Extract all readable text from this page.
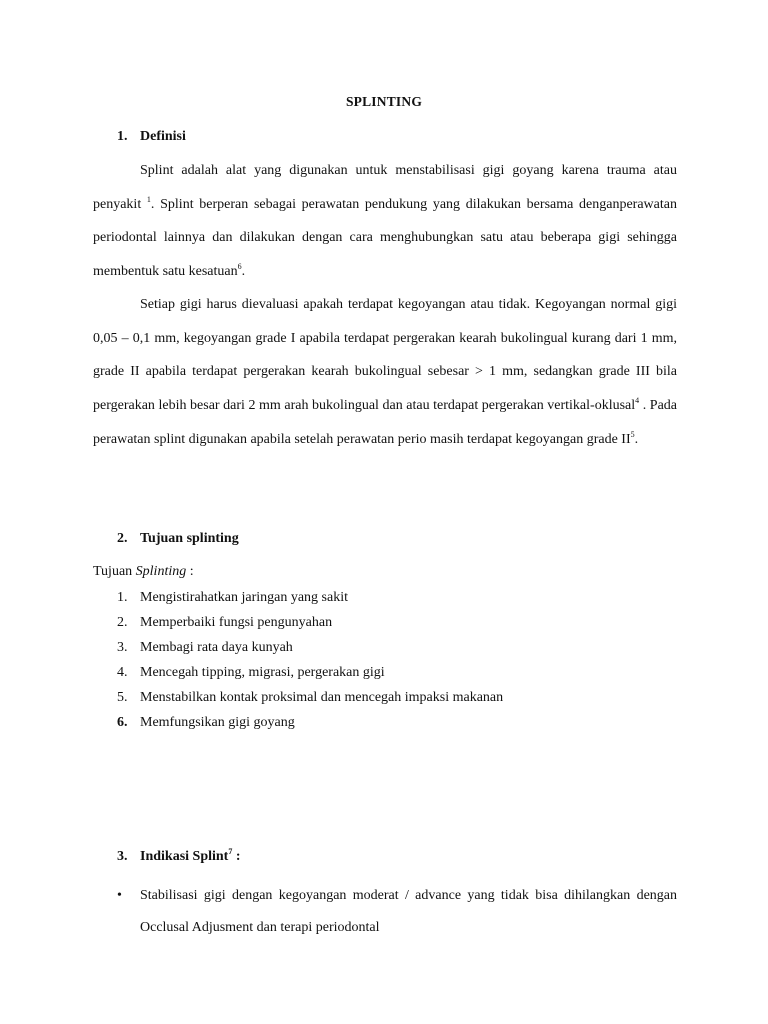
SPLINTING
1. Definisi

Splint adalah alat yang digunakan untuk menstabilisasi gigi goyang karena trauma atau penyakit $^1$. Splint berperan sebagai perawatan pendukung yang dilakukan bersama denganperawatan periodontal lainnya dan dilakukan dengan cara menghubungkan satu atau beberapa gigi sehingga membentuk satu kesatuan$^6$.

Setiap gigi harus dievaluasi apakah terdapat kegoyangan atau tidak. Kegoyangan normal gigi 0,05 – 0,1 mm, kegoyangan grade I apabila terdapat pergerakan kearah bukolingual kurang dari 1 mm, grade II apabila terdapat pergerakan kearah bukolingual sebesar > 1 mm, sedangkan grade III bila pergerakan lebih besar dari 2 mm arah bukolingual dan atau terdapat pergerakan vertikal-oklusal$^4$ . Pada perawatan splint digunakan apabila setelah perawatan perio masih terdapat kegoyangan grade $II^5$.

2. Tujuan splinting
Tujuan Splinting :
1. Mengistirahatkan jaringan yang sakit
2. Memperbaiki fungsi pengunyahan
3. Membagi rata daya kunyah
4. Mencegah tipping, migrasi, pergerakan gigi
5. Menstabilkan kontak proksimal dan mencegah impaksi makanan
6. Memfungsikan gigi goyang
3. Indikasi Splint$^7$ :
• Stabilisasi gigi dengan kegoyangan moderat / advance yang tidak bisa dihilangkan dengan Occlusal Adjusment dan terapi periodontal
